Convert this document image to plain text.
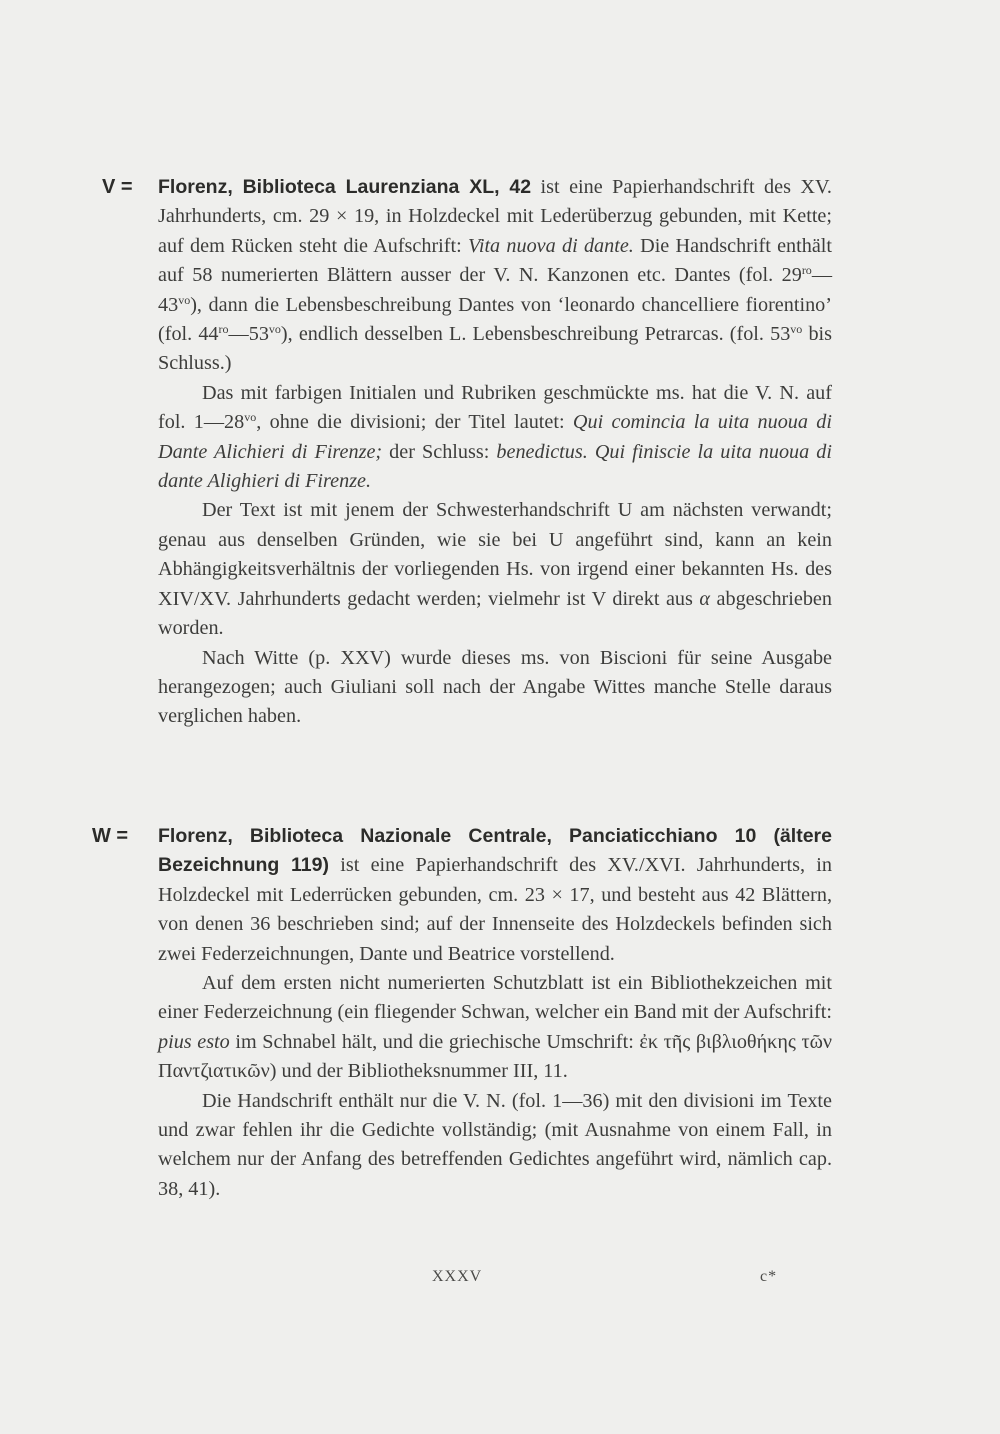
V =	Florenz, Biblioteca Laurenziana XL, 42 ist eine Papierhandschrift des XV. Jahrhunderts, cm. 29 × 19, in Holzdeckel mit Lederüberzug gebunden, mit Kette; auf dem Rücken steht die Aufschrift: Vita nuova di dante. Die Handschrift enthält auf 58 numerierten Blättern ausser der V. N. Kanzonen etc. Dantes (fol. $29^{ro}—43^{vo}$), dann die Lebensbeschreibung Dantes von ‘leonardo chancelliere fiorentino’ (fol. $44^{ro}—53^{vo}$), endlich desselben L. Lebensbeschreibung Petrarcas. (fol. $53^{vo}$ bis Schluss.)

Das mit farbigen Initialen und Rubriken geschmückte ms. hat die V. N. auf fol. $1—28^{vo}$, ohne die divisioni; der Titel lautet: Qui comincia la uita nuoua di Dante Alichieri di Firenze; der Schluss: benedictus. Qui finiscie la uita nuoua di dante Alighieri di Firenze.

Der Text ist mit jenem der Schwesterhandschrift U am nächsten verwandt; genau aus denselben Gründen, wie sie bei U angeführt sind, kann an kein Abhängigkeitsverhältnis der vorliegenden Hs. von irgend einer bekannten Hs. des XIV/XV. Jahrhunderts gedacht werden; vielmehr ist V direkt aus α abgeschrieben worden.

Nach Witte (p. XXV) wurde dieses ms. von Biscioni für seine Ausgabe herangezogen; auch Giuliani soll nach der Angabe Wittes manche Stelle daraus verglichen haben.

W =	Florenz, Biblioteca Nazionale Centrale, Panciaticchiano 10 (ältere Bezeichnung 119) ist eine Papierhandschrift des XV./XVI. Jahrhunderts, in Holzdeckel mit Lederrücken gebunden, cm. 23 × 17, und besteht aus 42 Blättern, von denen 36 beschrieben sind; auf der Innenseite des Holzdeckels befinden sich zwei Federzeichnungen, Dante und Beatrice vorstellend.

Auf dem ersten nicht numerierten Schutzblatt ist ein Bibliothekzeichen mit einer Federzeichnung (ein fliegender Schwan, welcher ein Band mit der Aufschrift: pius esto im Schnabel hält, und die griechische Umschrift: ἐκ τῆς βιβλιοθήκης τῶν Παντζιατικῶν) und der Bibliotheksnummer III, 11.

Die Handschrift enthält nur die V. N. (fol. 1—36) mit den divisioni im Texte und zwar fehlen ihr die Gedichte vollständig; (mit Ausnahme von einem Fall, in welchem nur der Anfang des betreffenden Gedichtes angeführt wird, nämlich cap. 38, 41).

XXXV	c*
